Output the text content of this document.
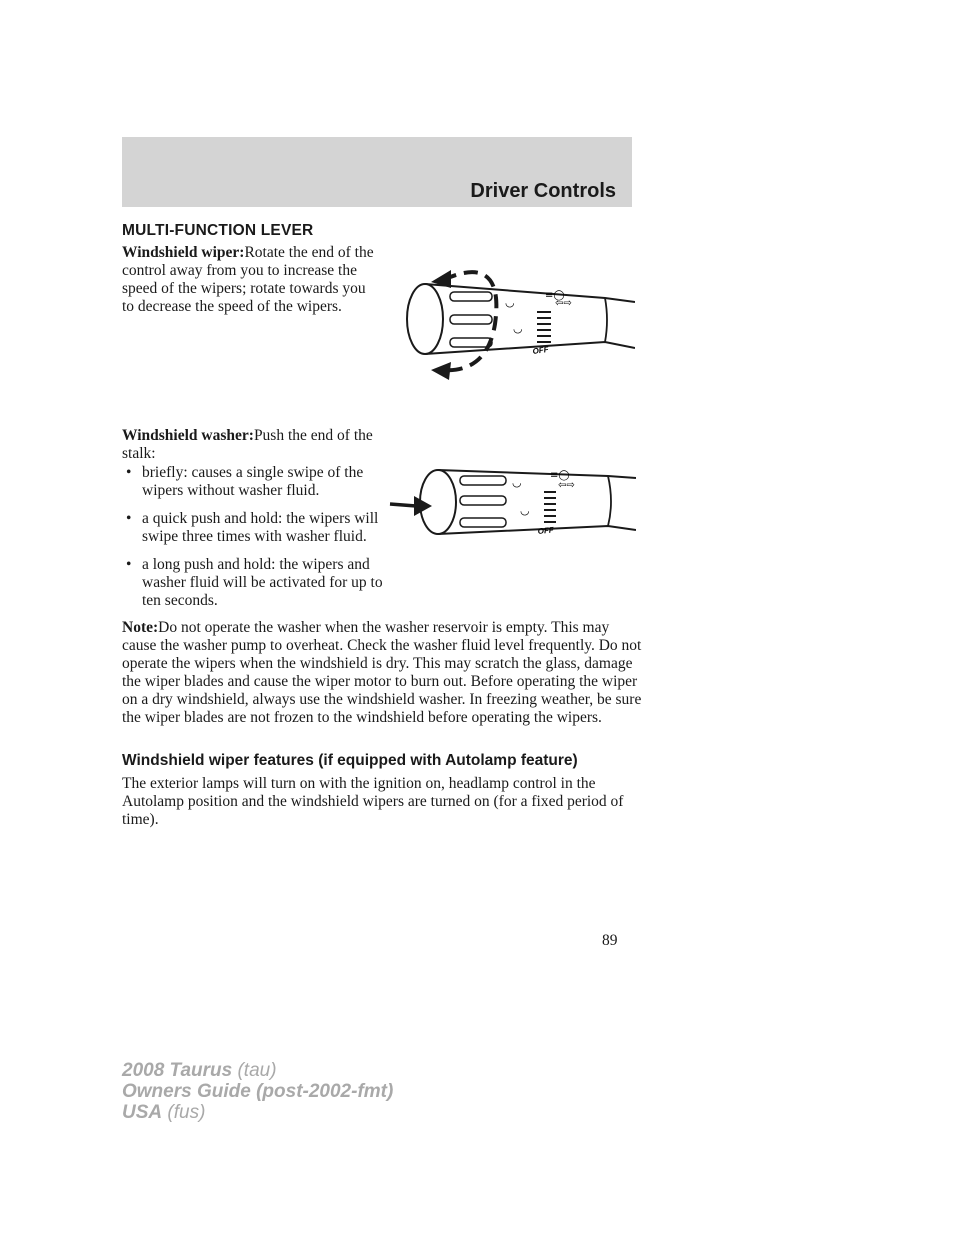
Driver Controls
MULTI-FUNCTION LEVER
Windshield wiper:Rotate the end of the control away from you to increase the speed of the wipers; rotate towards you to decrease the speed of the wipers.
OFF
◡
◡
⇦⇨
≡◯
Windshield washer:Push the end of the stalk:
• briefly: causes a single swipe of the wipers without washer fluid.
• a quick push and hold: the wipers will swipe three times with washer fluid.
• a long push and hold: the wipers and washer fluid will be activated for up to ten seconds.
OFF
◡
◡
⇦⇨
≡◯
Note:Do not operate the washer when the washer reservoir is empty. This may cause the washer pump to overheat. Check the washer fluid level frequently. Do not operate the wipers when the windshield is dry. This may scratch the glass, damage the wiper blades and cause the wiper motor to burn out. Before operating the wiper on a dry windshield, always use the windshield washer. In freezing weather, be sure the wiper blades are not frozen to the windshield before operating the wipers.
Windshield wiper features (if equipped with Autolamp feature)
The exterior lamps will turn on with the ignition on, headlamp control in the Autolamp position and the windshield wipers are turned on (for a fixed period of time).
89
2008 Taurus (tau)
Owners Guide (post-2002-fmt)
USA (fus)
